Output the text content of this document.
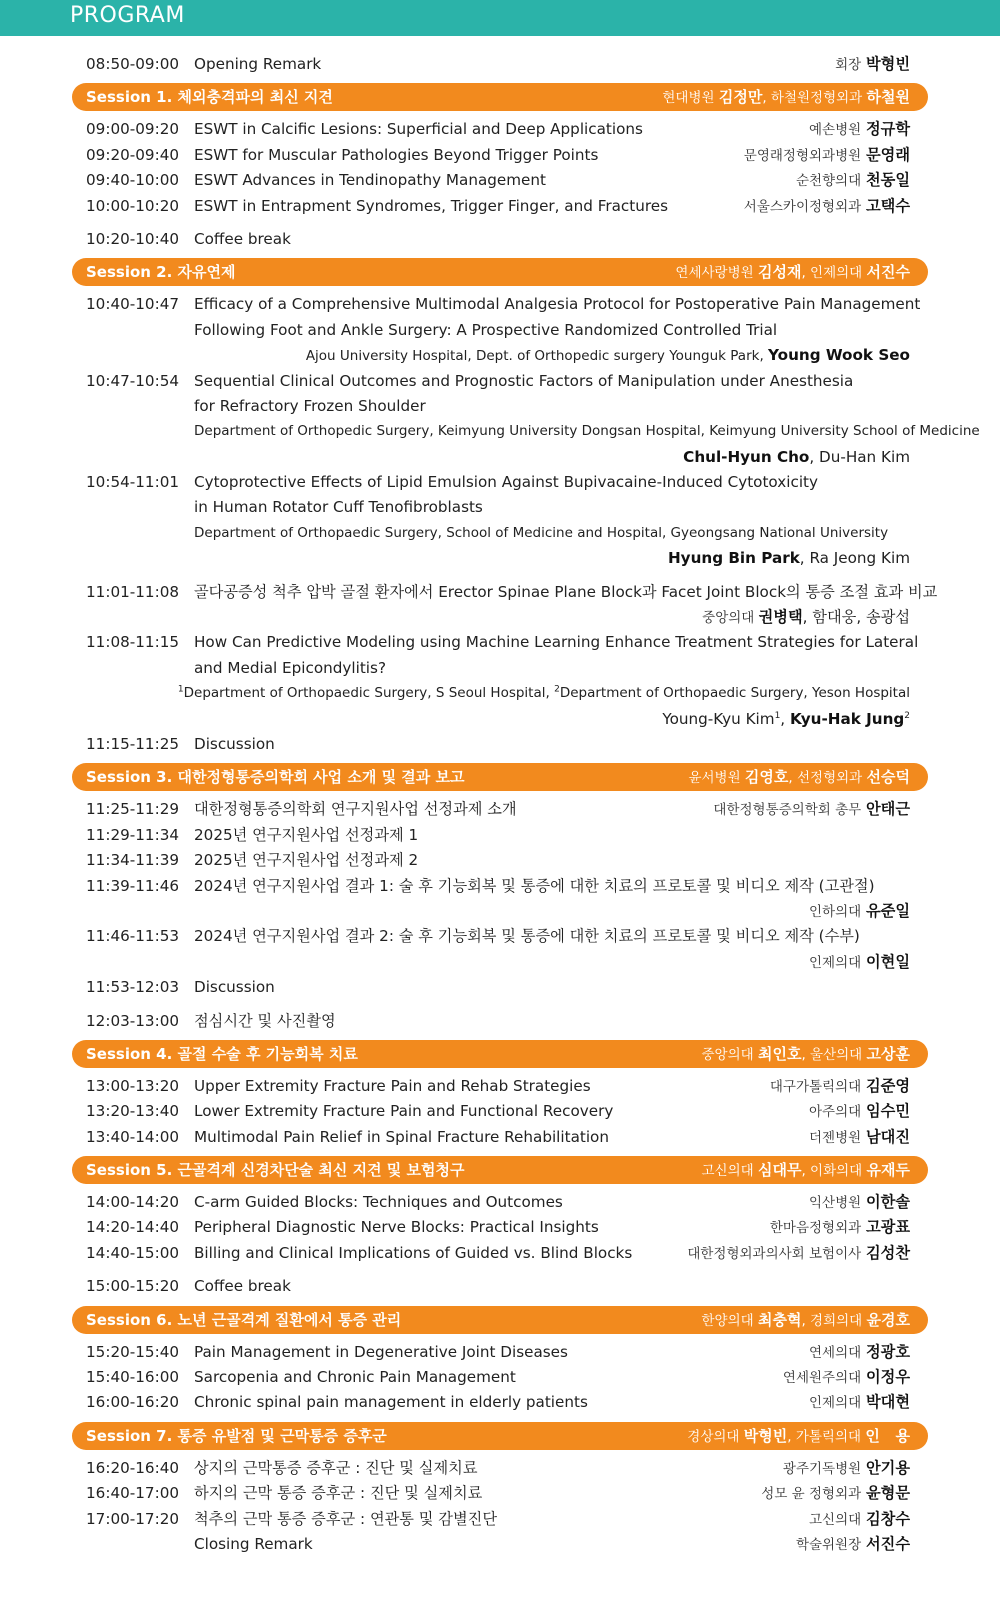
PROGRAM
08:50-09:00 Opening Remark	회장 박형빈
Session 1. 체외충격파의 최신 지견	현대병원 김정만, 하철원정형외과 하철원
09:00-09:20 ESWT in Calcific Lesions: Superficial and Deep Applications	예손병원 정규학
09:20-09:40 ESWT for Muscular Pathologies Beyond Trigger Points	문영래정형외과병원 문영래
09:40-10:00 ESWT Advances in Tendinopathy Management	순천향의대 천동일
10:00-10:20 ESWT in Entrapment Syndromes, Trigger Finger, and Fractures	서울스카이정형외과 고택수
10:20-10:40 Coffee break
Session 2. 자유연제	연세사랑병원 김성재, 인제의대 서진수
10:40-10:47 Efficacy of a Comprehensive Multimodal Analgesia Protocol for Postoperative Pain Management
Following Foot and Ankle Surgery: A Prospective Randomized Controlled Trial
Ajou University Hospital, Dept. of Orthopedic surgery Younguk Park, Young Wook Seo
10:47-10:54 Sequential Clinical Outcomes and Prognostic Factors of Manipulation under Anesthesia
for Refractory Frozen Shoulder
Department of Orthopedic Surgery, Keimyung University Dongsan Hospital, Keimyung University School of Medicine
Chul-Hyun Cho, Du-Han Kim
10:54-11:01 Cytoprotective Effects of Lipid Emulsion Against Bupivacaine-Induced Cytotoxicity
in Human Rotator Cuff Tenofibroblasts
Department of Orthopaedic Surgery, School of Medicine and Hospital, Gyeongsang National University
Hyung Bin Park, Ra Jeong Kim
11:01-11:08 골다공증성 척추 압박 골절 환자에서 Erector Spinae Plane Block과 Facet Joint Block의 통증 조절 효과 비교
중앙의대 권병택, 함대웅, 송광섭
11:08-11:15 How Can Predictive Modeling using Machine Learning Enhance Treatment Strategies for Lateral
and Medial Epicondylitis?
$^1$Department of Orthopaedic Surgery, S Seoul Hospital, $^2$Department of Orthopaedic Surgery, Yeson Hospital
Young-Kyu Kim$^1$, Kyu-Hak Jung$^2$
11:15-11:25 Discussion
Session 3. 대한정형통증의학회 사업 소개 및 결과 보고	윤서병원 김영호, 선정형외과 선승덕
11:25-11:29 대한정형통증의학회 연구지원사업 선정과제 소개	대한정형통증의학회 총무 안태근
11:29-11:34 2025년 연구지원사업 선정과제 1
11:34-11:39 2025년 연구지원사업 선정과제 2
11:39-11:46 2024년 연구지원사업 결과 1: 술 후 기능회복 및 통증에 대한 치료의 프로토콜 및 비디오 제작 (고관절)
인하의대 유준일
11:46-11:53 2024년 연구지원사업 결과 2: 술 후 기능회복 및 통증에 대한 치료의 프로토콜 및 비디오 제작 (수부)
인제의대 이현일
11:53-12:03 Discussion
12:03-13:00 점심시간 및 사진촬영
Session 4. 골절 수술 후 기능회복 치료	중앙의대 최인호, 울산의대 고상훈
13:00-13:20 Upper Extremity Fracture Pain and Rehab Strategies	대구가톨릭의대 김준영
13:20-13:40 Lower Extremity Fracture Pain and Functional Recovery	아주의대 임수민
13:40-14:00 Multimodal Pain Relief in Spinal Fracture Rehabilitation	더젠병원 남대진
Session 5. 근골격계 신경차단술 최신 지견 및 보험청구	고신의대 심대무, 이화의대 유재두
14:00-14:20 C-arm Guided Blocks: Techniques and Outcomes	익산병원 이한솔
14:20-14:40 Peripheral Diagnostic Nerve Blocks: Practical Insights	한마음정형외과 고광표
14:40-15:00 Billing and Clinical Implications of Guided vs. Blind Blocks	대한정형외과의사회 보험이사 김성찬
15:00-15:20 Coffee break
Session 6. 노년 근골격계 질환에서 통증 관리	한양의대 최충혁, 경희의대 윤경호
15:20-15:40 Pain Management in Degenerative Joint Diseases	연세의대 정광호
15:40-16:00 Sarcopenia and Chronic Pain Management	연세원주의대 이정우
16:00-16:20 Chronic spinal pain management in elderly patients	인제의대 박대현
Session 7. 통증 유발점 및 근막통증 증후군	경상의대 박형빈, 가톨릭의대 인   용
16:20-16:40 상지의 근막통증 증후군 : 진단 및 실제치료	광주기독병원 안기용
16:40-17:00 하지의 근막 통증 증후군 : 진단 및 실제치료	성모 윤 정형외과 윤형문
17:00-17:20 척추의 근막 통증 증후군 : 연관통 및 감별진단	고신의대 김창수
Closing Remark	학술위원장 서진수
